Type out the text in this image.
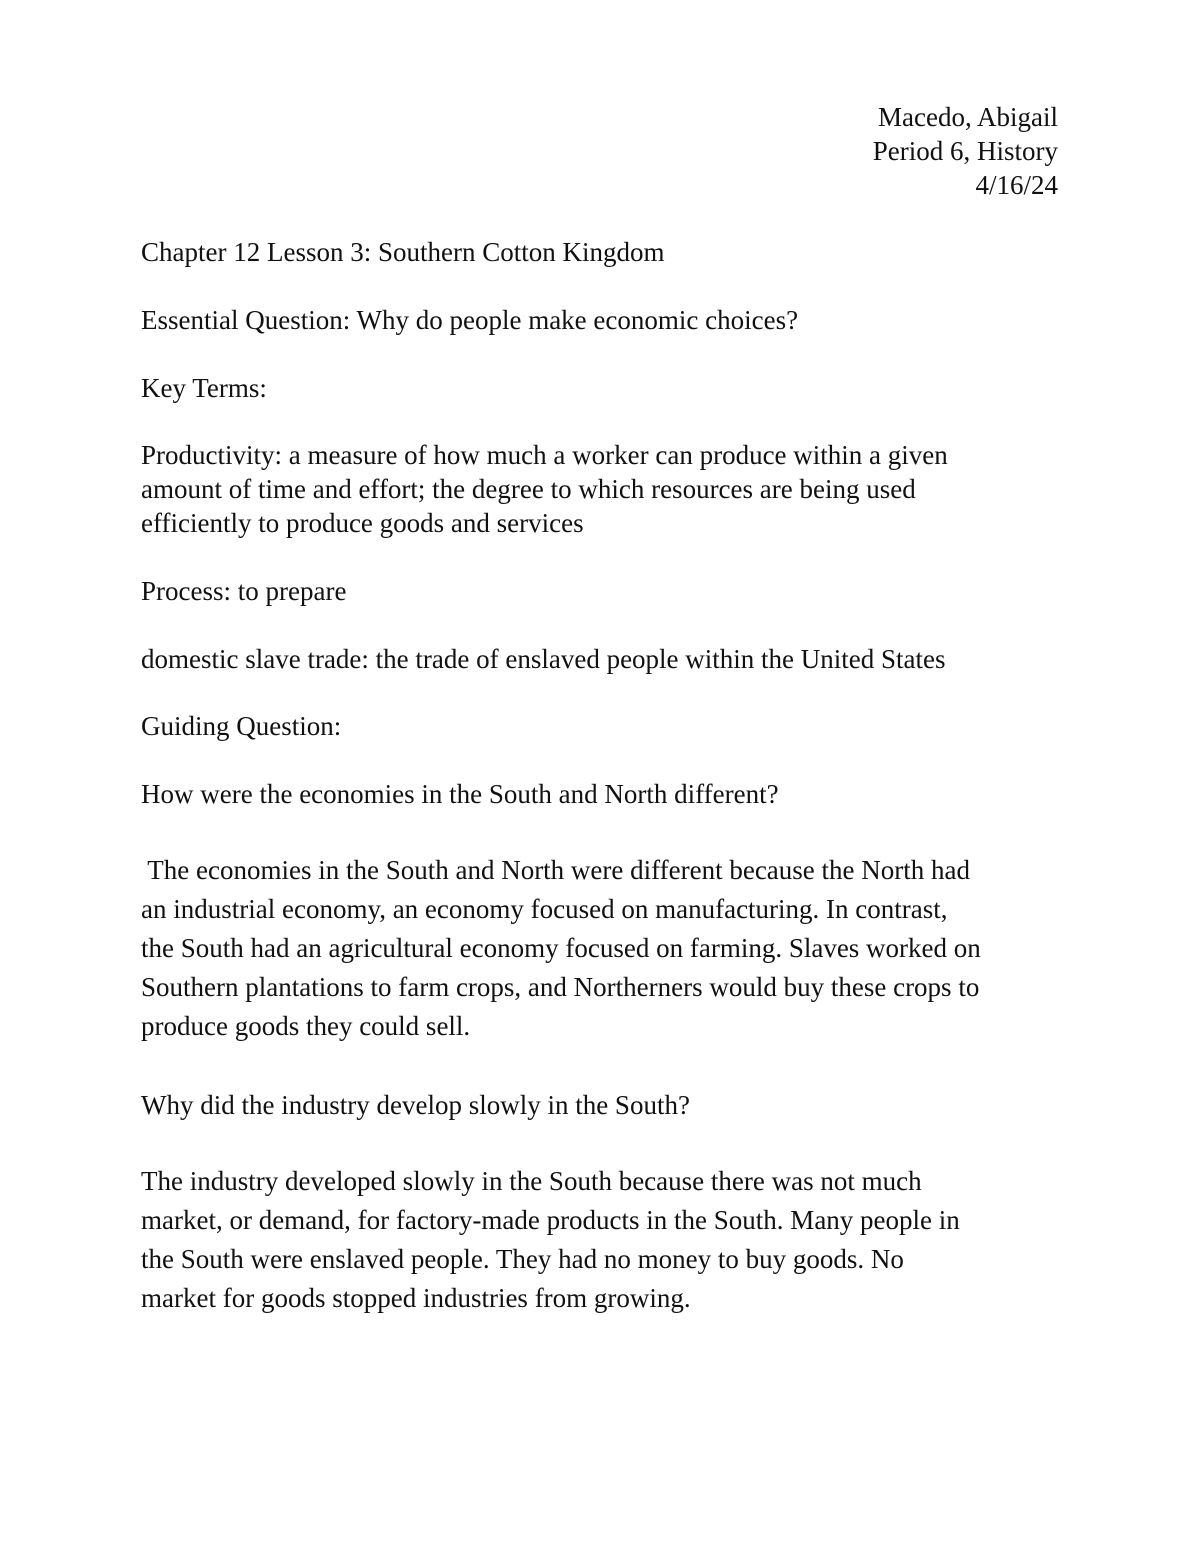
Macedo, Abigail
Period 6, History
4/16/24
Chapter 12 Lesson 3: Southern Cotton Kingdom
Essential Question: Why do people make economic choices?
Key Terms:
Productivity: a measure of how much a worker can produce within a given
amount of time and effort; the degree to which resources are being used
efficiently to produce goods and services
Process: to prepare
domestic slave trade: the trade of enslaved people within the United States
Guiding Question:
How were the economies in the South and North different?
The economies in the South and North were different because the North had
an industrial economy, an economy focused on manufacturing. In contrast,
the South had an agricultural economy focused on farming. Slaves worked on
Southern plantations to farm crops, and Northerners would buy these crops to
produce goods they could sell.
Why did the industry develop slowly in the South?
The industry developed slowly in the South because there was not much
market, or demand, for factory-made products in the South. Many people in
the South were enslaved people. They had no money to buy goods. No
market for goods stopped industries from growing.
